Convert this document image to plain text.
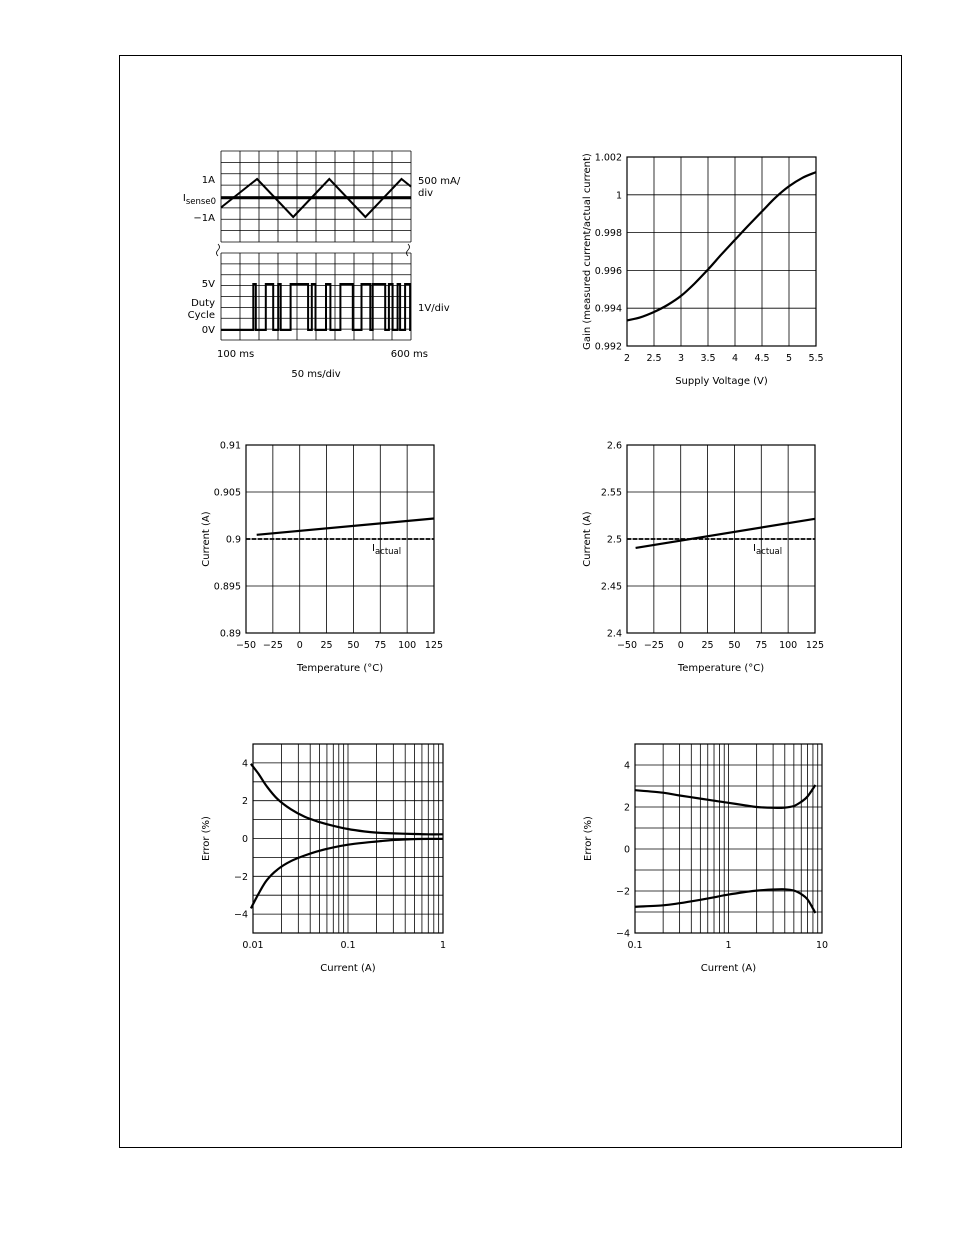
2 2.5 3 3.5 4 4.5 5 5.5
0.992
0.994
0.996
0.998
1
1.002
Supply Voltage (V)
Gain (measured current/actual current)
−50 −25 0 25 50 75 100 125
0.89
0.895
0.9
0.905
0.91
Temperature (°C)
Current (A)	$I_{actual}$
−50 −25 0 25 50 75 100 125
2.4
2.45
2.5
2.55
2.6
Temperature (°C)
Current (A)	$I_{actual}$
0.01	0.1	1
−4
−2
0
2
4
Current (A)
Error (%)
0.1	1	10
−4
−2
0
2
4
Current (A)
Error (%)
1A
−1A
$I_{sense0}$
500 mA/
div
5V
0V
Duty
Cycle
1V/div
100 ms	600 ms
50 ms/div
